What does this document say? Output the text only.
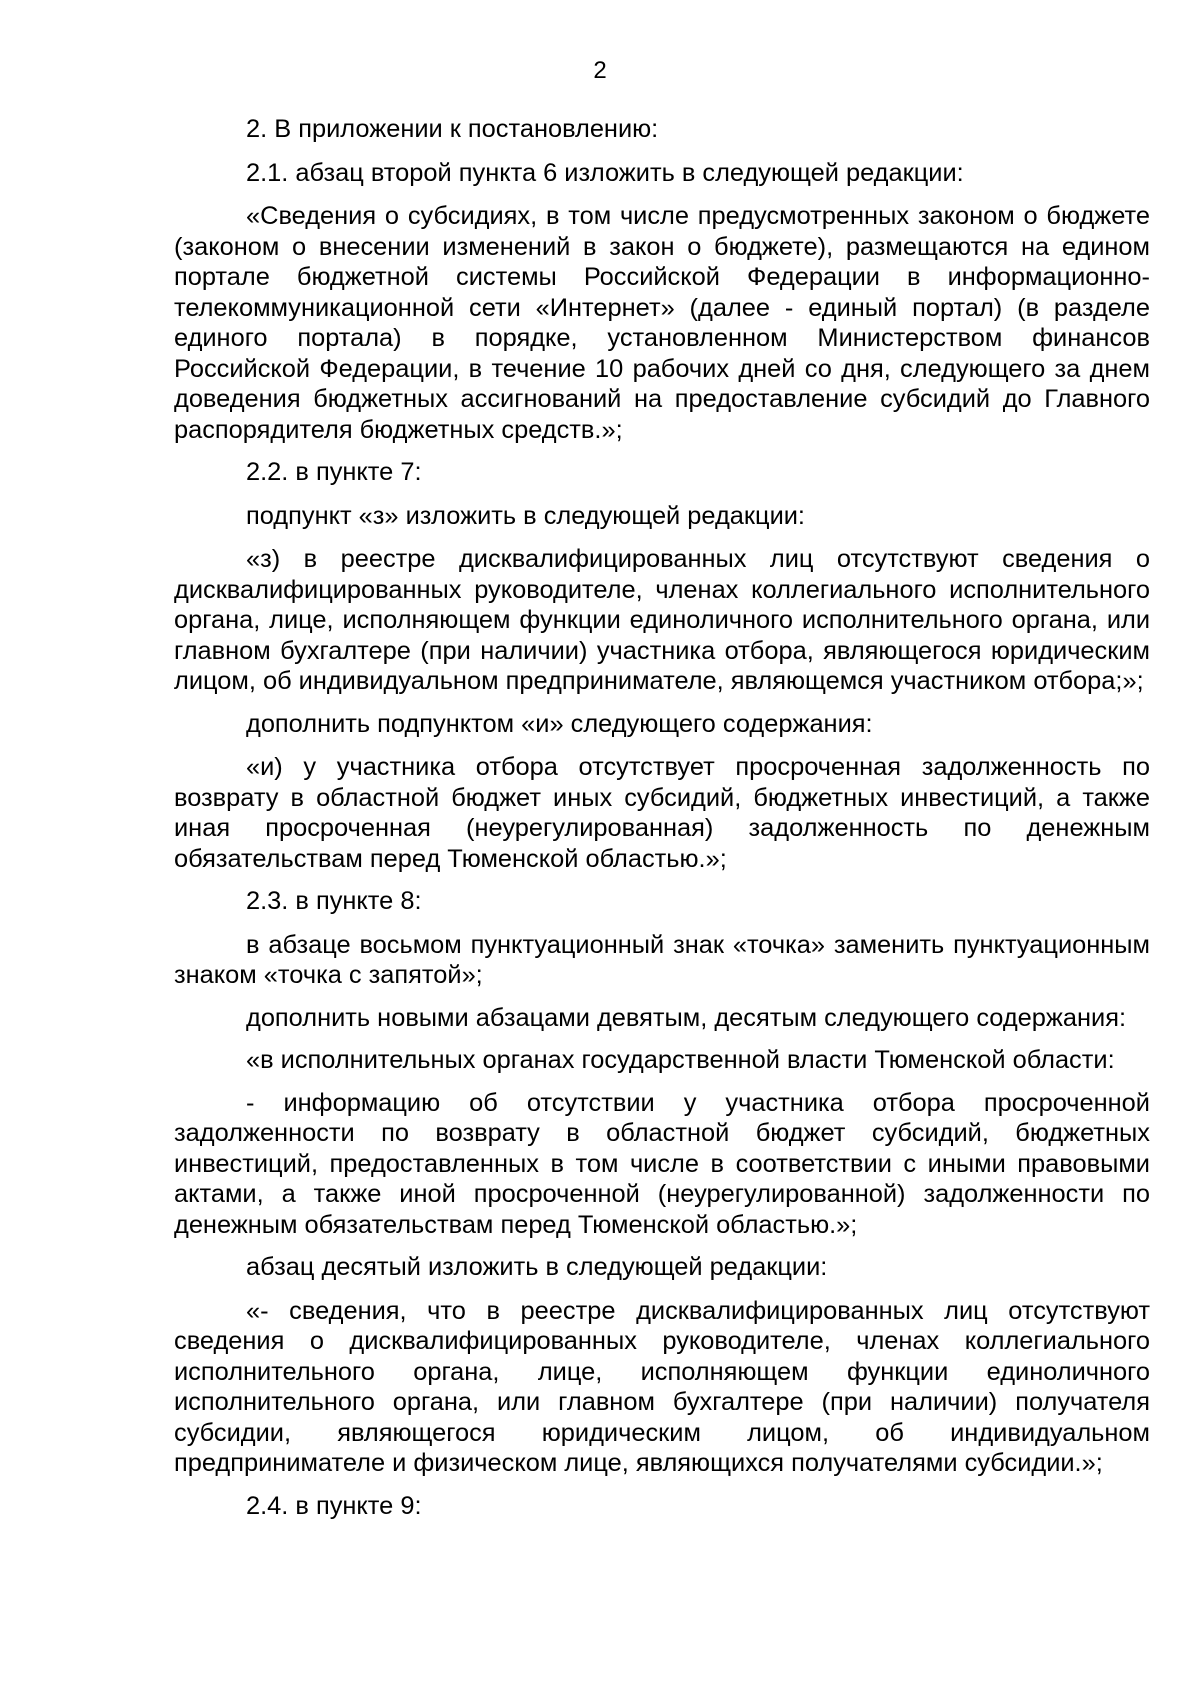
2

2. В приложении к постановлению:

2.1. абзац второй пункта 6 изложить в следующей редакции:

«Сведения о субсидиях, в том числе предусмотренных законом о бюджете (законом о внесении изменений в закон о бюджете), размещаются на едином портале бюджетной системы Российской Федерации в информационно-телекоммуникационной сети «Интернет» (далее - единый портал) (в разделе единого портала) в порядке, установленном Министерством финансов Российской Федерации, в течение 10 рабочих дней со дня, следующего за днем доведения бюджетных ассигнований на предоставление субсидий до Главного распорядителя бюджетных средств.»;

2.2. в пункте 7:

подпункт «з» изложить в следующей редакции:

«з) в реестре дисквалифицированных лиц отсутствуют сведения о дисквалифицированных руководителе, членах коллегиального исполнительного органа, лице, исполняющем функции единоличного исполнительного органа, или главном бухгалтере (при наличии) участника отбора, являющегося юридическим лицом, об индивидуальном предпринимателе, являющемся участником отбора;»;

дополнить подпунктом «и» следующего содержания:

«и) у участника отбора отсутствует просроченная задолженность по возврату в областной бюджет иных субсидий, бюджетных инвестиций, а также иная просроченная (неурегулированная) задолженность по денежным обязательствам перед Тюменской областью.»;

2.3. в пункте 8:

в абзаце восьмом пунктуационный знак «точка» заменить пунктуационным знаком «точка с запятой»;

дополнить новыми абзацами девятым, десятым следующего содержания:

«в исполнительных органах государственной власти Тюменской области:

- информацию об отсутствии у участника отбора просроченной задолженности по возврату в областной бюджет субсидий, бюджетных инвестиций, предоставленных в том числе в соответствии с иными правовыми актами, а также иной просроченной (неурегулированной) задолженности по денежным обязательствам перед Тюменской областью.»;

абзац десятый изложить в следующей редакции:

«- сведения, что в реестре дисквалифицированных лиц отсутствуют сведения о дисквалифицированных руководителе, членах коллегиального исполнительного органа, лице, исполняющем функции единоличного исполнительного органа, или главном бухгалтере (при наличии) получателя субсидии, являющегося юридическим лицом, об индивидуальном предпринимателе и физическом лице, являющихся получателями субсидии.»;

2.4. в пункте 9:
